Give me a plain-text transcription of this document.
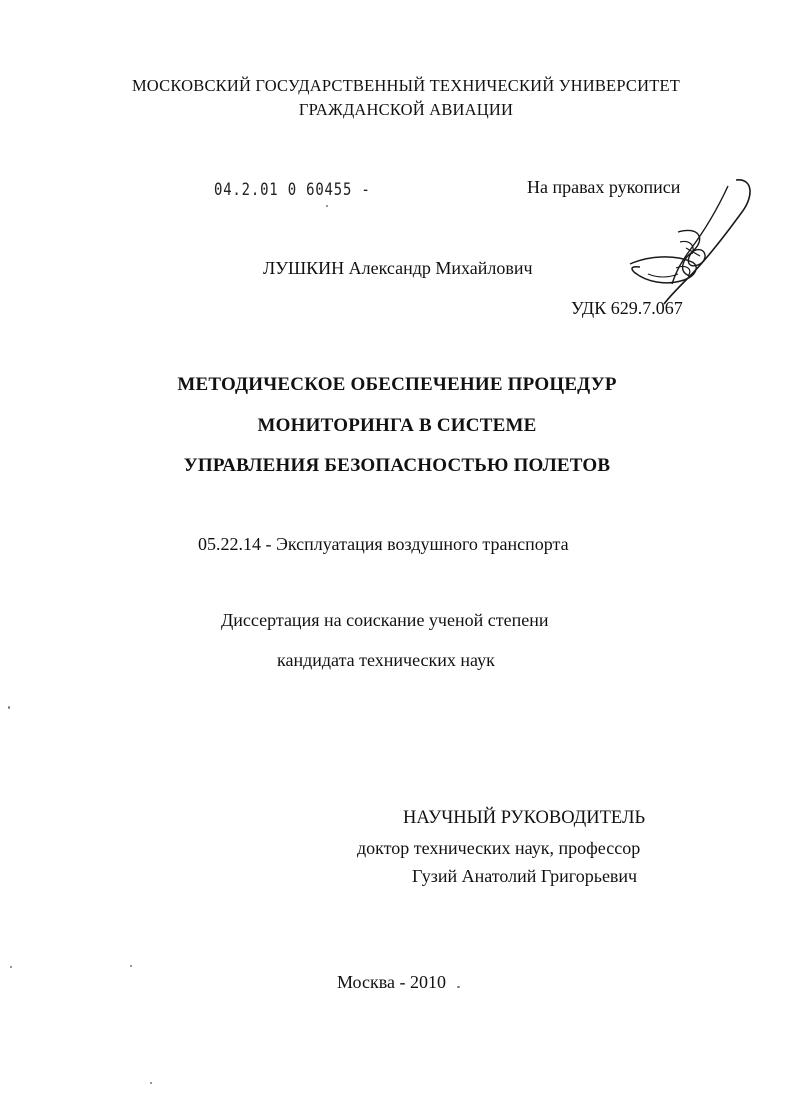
МОСКОВСКИЙ ГОСУДАРСТВЕННЫЙ ТЕХНИЧЕСКИЙ УНИВЕРСИТЕТ
ГРАЖДАНСКОЙ АВИАЦИИ
04.2.01 0 60455 -	На правах рукописи
ЛУШКИН Александр Михайлович
УДК 629.7.067
МЕТОДИЧЕСКОЕ ОБЕСПЕЧЕНИЕ ПРОЦЕДУР
МОНИТОРИНГА В СИСТЕМЕ
УПРАВЛЕНИЯ БЕЗОПАСНОСТЬЮ ПОЛЕТОВ
05.22.14 - Эксплуатация воздушного транспорта
Диссертация на соискание ученой степени
кандидата технических наук
НАУЧНЫЙ РУКОВОДИТЕЛЬ
доктор технических наук, профессор
Гузий Анатолий Григорьевич
Москва - 2010
